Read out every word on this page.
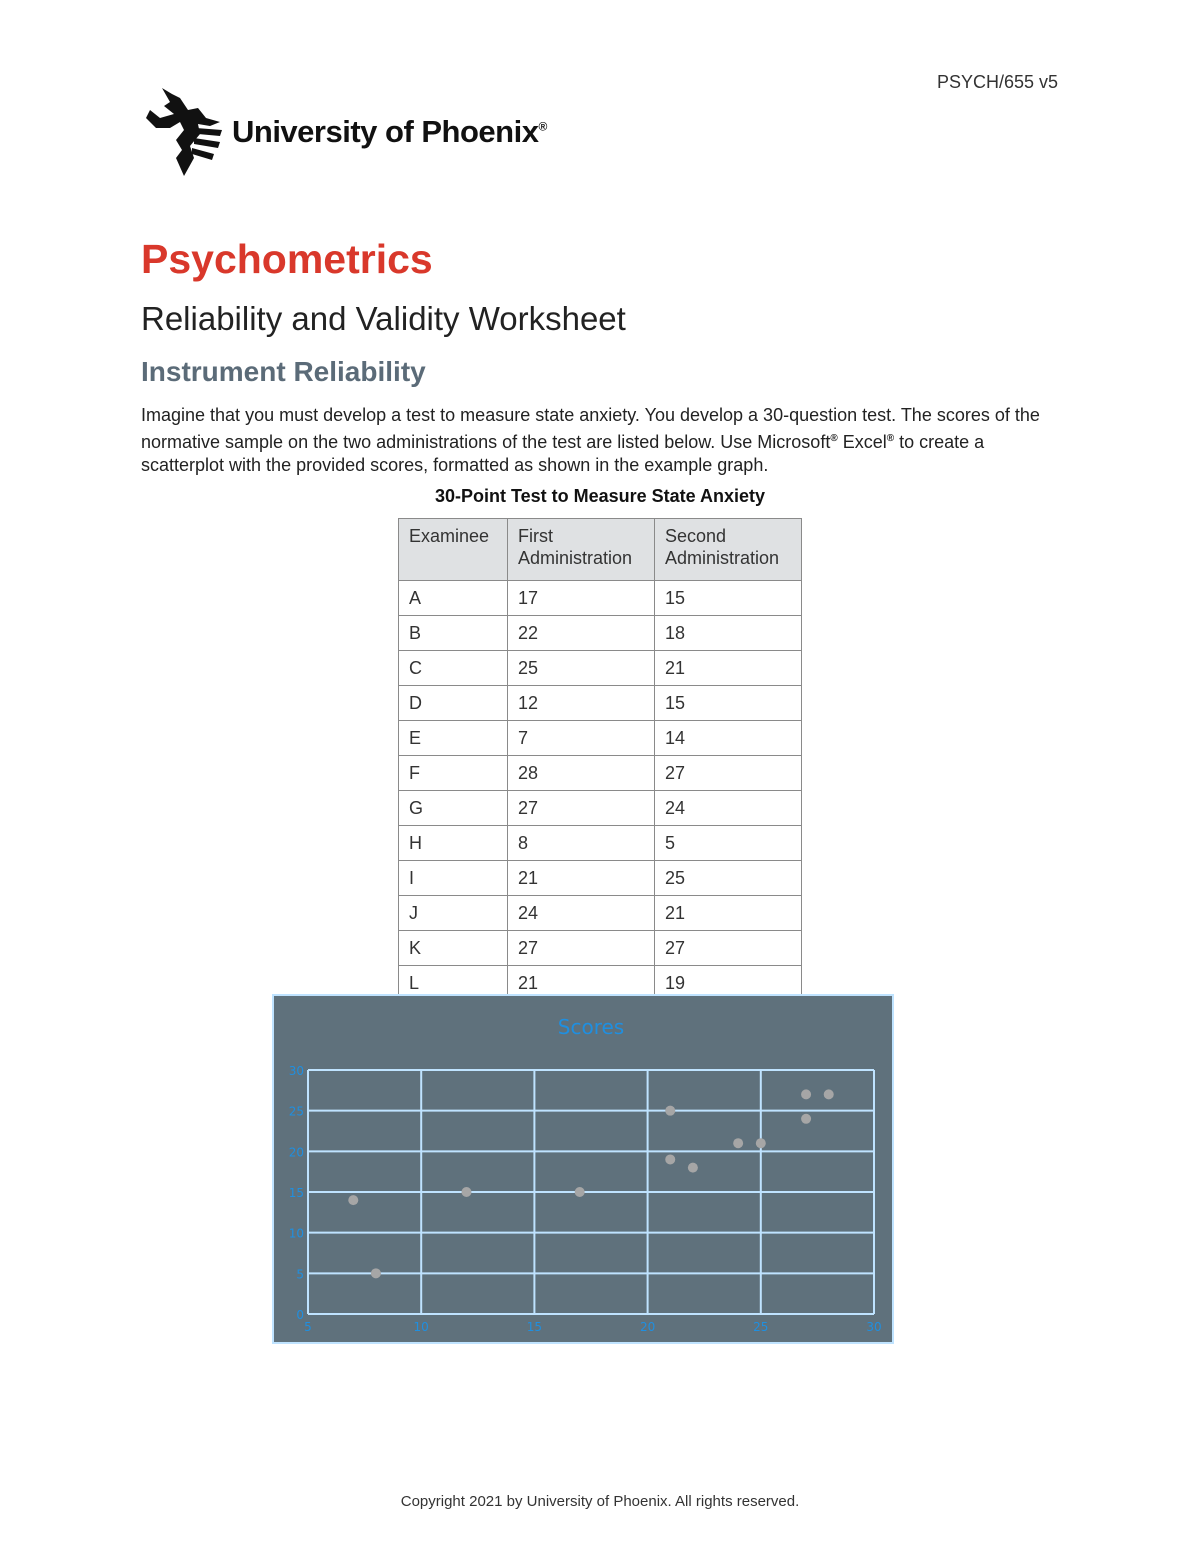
PSYCH/655 v5
University of Phoenix®
Psychometrics
Reliability and Validity Worksheet
Instrument Reliability

Imagine that you must develop a test to measure state anxiety. You develop a 30-question test. The scores of the normative sample on the two administrations of the test are listed below. Use Microsoft® Excel® to create a scatterplot with the provided scores, formatted as shown in the example graph.

30-Point Test to Measure State Anxiety
Examinee	First Administration	Second Administration
A	17	15
B	22	18
C	25	21
D	12	15
E	7	14
F	28	27
G	27	24
H	8	5
I	21	25
J	24	21
K	27	27
L	21	19
Scores
0
5
10
15
20
25
30
5	10	15	20	25	30
Copyright 2021 by University of Phoenix. All rights reserved.
